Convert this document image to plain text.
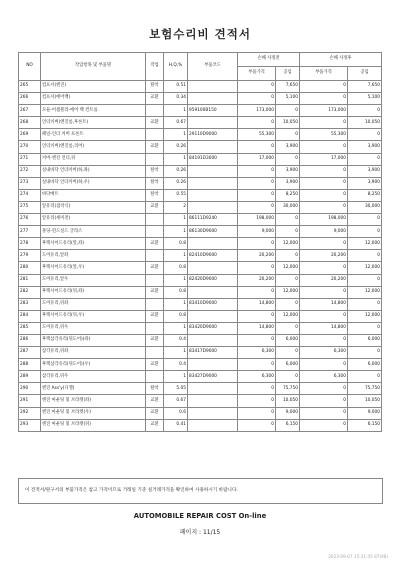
보험수리비 견적서
NO	작업항목 및 부품명	작업	H,Q,%	부품코드	손해 사정전		손해 사정후	
					부품가격	공임	부품가격	공임
265	컴프서(엔진)	탈착	0.51		0	7,650	0	7,650
266	컴프서(에어백)	교환	0.34		0	5,100	0	5,100
267	모듈-어셈블리-에어 백 컨트롤		1	959100B150	173,000	0	173,000	0
268	언더커버(엔진룸,후론트)	교환	0.67		0	10,050	0	10,050
269	패널-언더 커버 프론트		1	29110D9000	55,300	0	55,300	0
270	언더커버(엔진룸,리어)	교환	0.26		0	3,900	0	3,900
271	커버-엔진 언더,뒤		1	84191D3000	17,000	0	17,000	0
272	실내바닥 언더커버(하,좌)	탈착	0.26		0	3,900	0	3,900
273	실내바닥 언더커버(하,우)	탈착	0.26		0	3,900	0	3,900
274	바닥매트	탈착	0.55		0	8,250	0	8,250
275	앞유리(접착식)	교환	2		0	30,000	0	30,000
276	앞유리(세미전)		1	86111D9240	198,000	0	198,000	0
277	몰딩-윈드실드 글라스		1	86130D9000	9,000	0	9,000	0
278	후렉사이드유리(앞,좌)	교환	0.8		0	12,000	0	12,000
279	도어유리,앞좌		1	82410D9000	20,200	0	20,200	0
280	후렉사이드유리(앞,우)	교환	0.8		0	12,000	0	12,000
281	도어유리,앞우		1	82420D9000	20,200	0	20,200	0
282	후렉사이드유리(뒤,좌)	교환	0.8		0	12,000	0	12,000
283	도어유리,뒤좌		1	83410D9000	14,800	0	14,800	0
284	후렉사이드유리(뒤,우)	교환	0.8		0	12,000	0	12,000
285	도어유리,뒤우		1	83420D9000	14,800	0	14,800	0
286	후렉삼각유리(뒤도어)(좌)	교환	0.4		0	6,000	0	6,000
287	삼각유리,뒤좌		1	83417D9000	6,300	0	6,300	0
288	후렉삼각유리(뒤도어)(우)	교환	0.4		0	6,000	0	6,000
289	삼각유리,뒤우		1	83427D9000	6,300	0	6,300	0
290	엔진 Ass'y(디젤)	탈착	5.05		0	75,750	0	75,750
291	엔진 마운팅 및 브라켓(좌)	교환	0.67		0	10,050	0	10,050
292	엔진 마운팅 및 브라켓(우)	교환	0.6		0	9,000	0	9,000
293	엔진 마운팅 및 브라켓(뒤)	교환	0.41		0	6,150	0	6,150
이 견적서/원구서의 부품가격은 참고 가격이므로 거래일 기준 실거래가격을 확인하여 사용하시기 바랍니다.
AUTOMOBILE REPAIR COST On-line
페이지 : 11/15
2023-09-07 15:31:45 87(98)
